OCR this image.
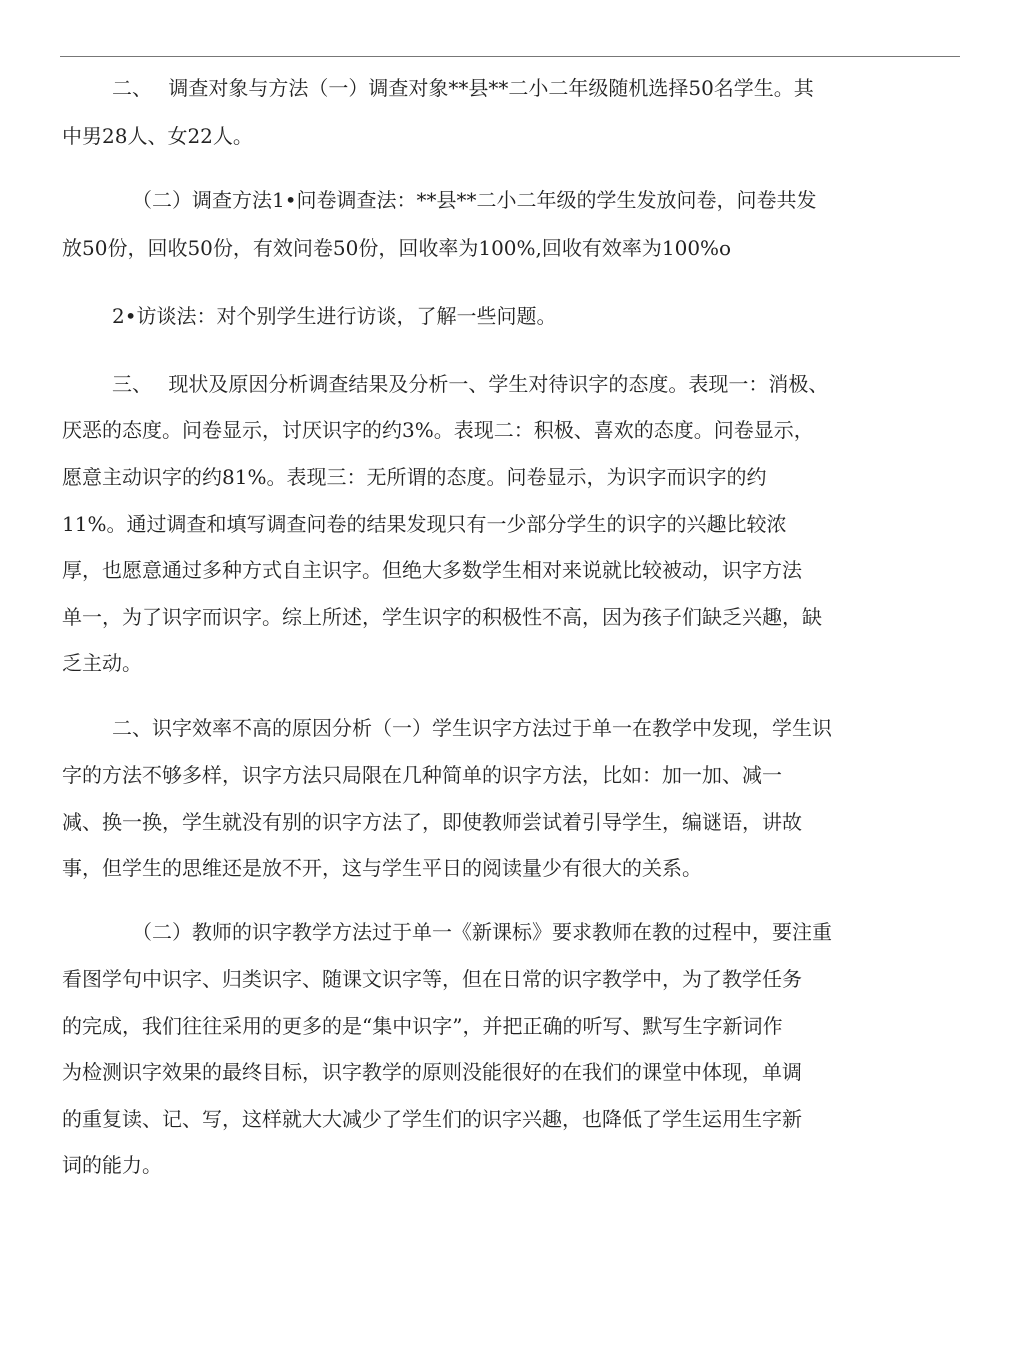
二、　 调查对象与方法（一）调查对象**县**二小二年级随机选择50名学生。其
中男28人、女22人。
（二）调查方法1•问卷调查法：**县**二小二年级的学生发放问卷，问卷共发
放50份，回收50份，有效问卷50份，回收率为100%,回收有效率为100%o
2•访谈法：对个别学生进行访谈，了解一些问题。
三、　 现状及原因分析调查结果及分析一、学生对待识字的态度。表现一：消极、
厌恶的态度。问卷显示，讨厌识字的约3%。表现二：积极、喜欢的态度。问卷显示，
愿意主动识字的约81%。表现三：无所谓的态度。问卷显示，为识字而识字的约
11%。通过调查和填写调查问卷的结果发现只有一少部分学生的识字的兴趣比较浓
厚，也愿意通过多种方式自主识字。但绝大多数学生相对来说就比较被动，识字方法
单一，为了识字而识字。综上所述，学生识字的积极性不高，因为孩子们缺乏兴趣，缺
乏主动。
二、识字效率不高的原因分析（一）学生识字方法过于单一在教学中发现，学生识
字的方法不够多样，识字方法只局限在几种简单的识字方法，比如：加一加、减一
减、换一换，学生就没有别的识字方法了，即使教师尝试着引导学生，编谜语，讲故
事，但学生的思维还是放不开，这与学生平日的阅读量少有很大的关系。
（二）教师的识字教学方法过于单一《新课标》要求教师在教的过程中，要注重
看图学句中识字、归类识字、随课文识字等，但在日常的识字教学中，为了教学任务
的完成，我们往往采用的更多的是“集中识字”，并把正确的听写、默写生字新词作
为检测识字效果的最终目标，识字教学的原则没能很好的在我们的课堂中体现，单调
的重复读、记、写，这样就大大减少了学生们的识字兴趣，也降低了学生运用生字新
词的能力。
